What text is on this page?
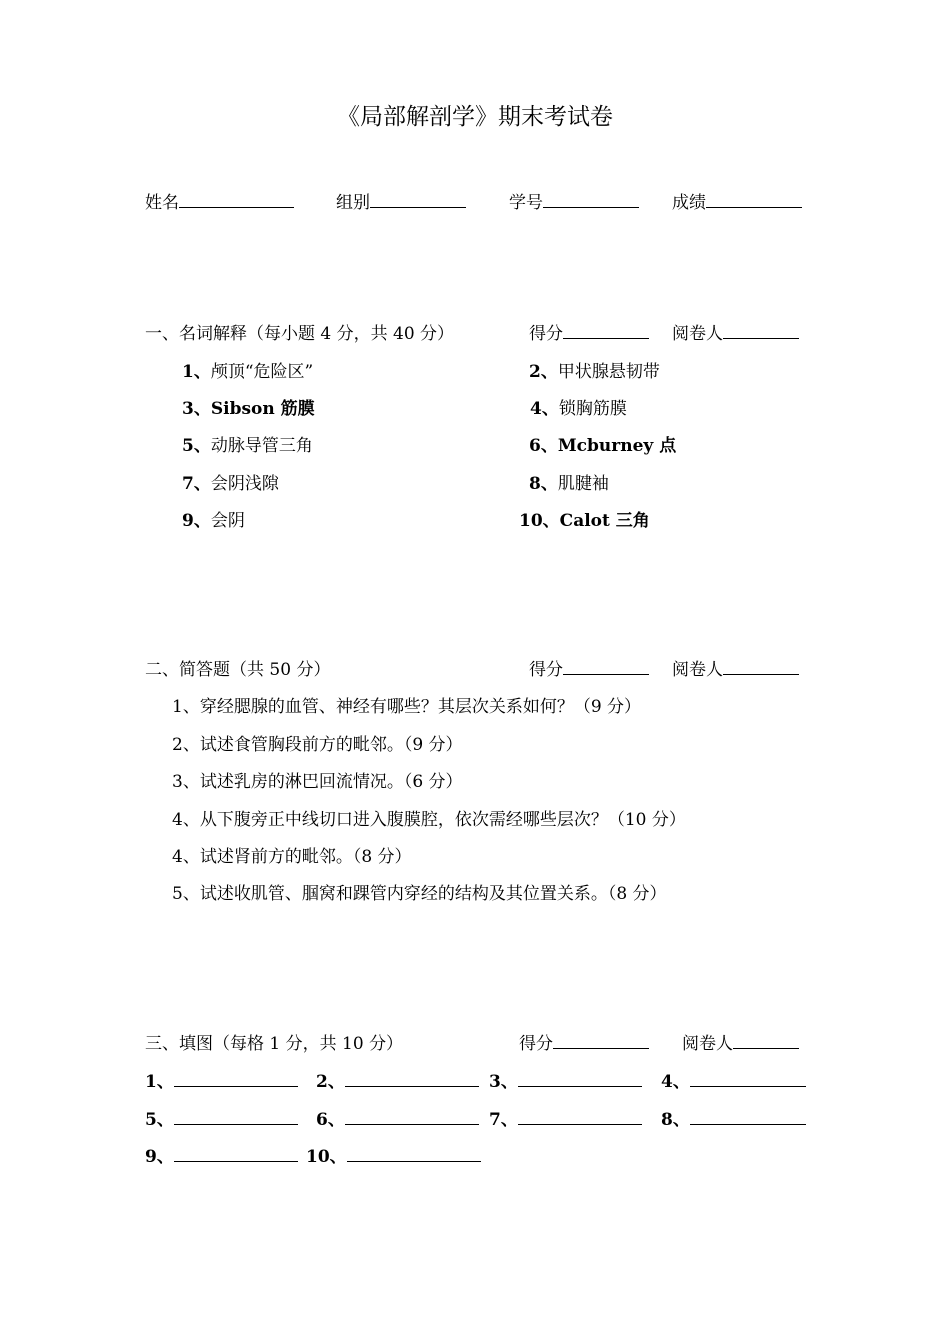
《局部解剖学》期末考试卷
姓名	组别	学号	成绩
一、名词解释（每小题 4 分，共 40 分）	得分	阅卷人
1、颅顶“危险区”	2、甲状腺悬韧带
3、Sibson 筋膜	4、锁胸筋膜
5、动脉导管三角	6、Mcburney 点
7、会阴浅隙	8、肌腱袖
9、会阴	10、Calot 三角
二、简答题（共 50 分）	得分	阅卷人
1、穿经腮腺的血管、神经有哪些？其层次关系如何？（9 分）
2、试述食管胸段前方的毗邻。（9 分）
3、试述乳房的淋巴回流情况。（6 分）
4、从下腹旁正中线切口进入腹膜腔，依次需经哪些层次？（10 分）
4、试述肾前方的毗邻。（8 分）
5、试述收肌管、腘窝和踝管内穿经的结构及其位置关系。（8 分）
三、填图（每格 1 分，共 10 分）	得分	阅卷人
1、	2、	3、	4、
5、	6、	7、	8、
9、	10、
